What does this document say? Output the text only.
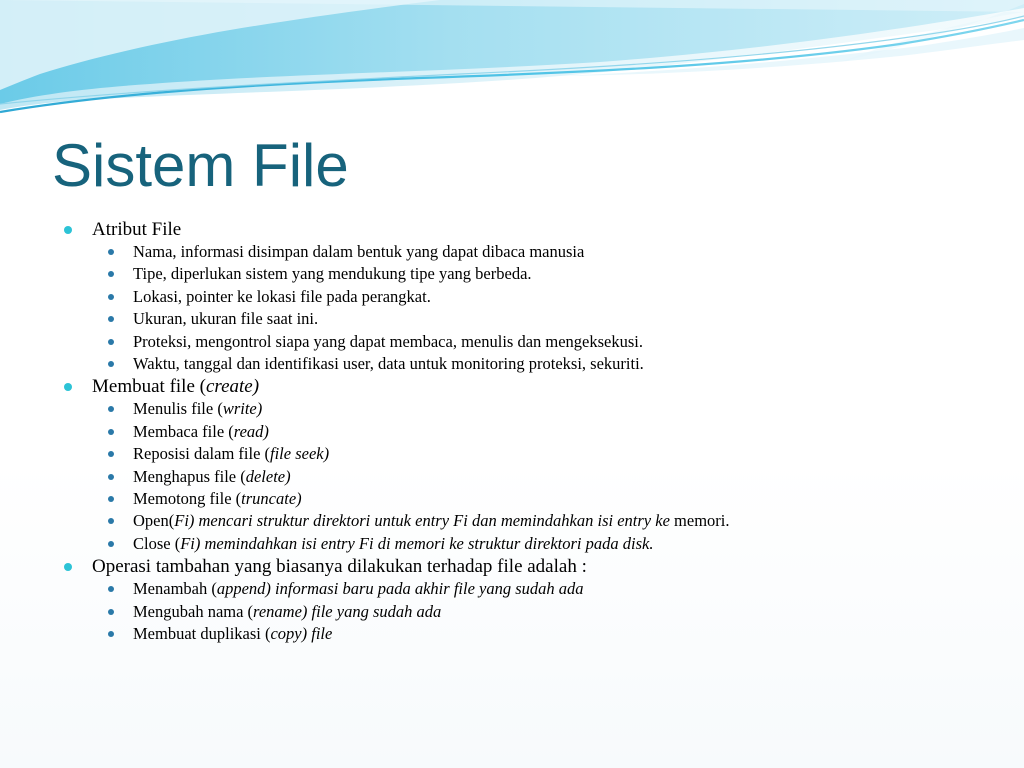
Sistem File
Atribut File
Nama, informasi disimpan dalam bentuk yang dapat dibaca manusia
Tipe, diperlukan sistem yang mendukung tipe yang berbeda.
Lokasi, pointer ke lokasi file pada perangkat.
Ukuran, ukuran file saat ini.
Proteksi, mengontrol siapa yang dapat membaca, menulis dan mengeksekusi.
Waktu, tanggal dan identifikasi user, data untuk monitoring proteksi, sekuriti.
Membuat file (create)
Menulis file (write)
Membaca file (read)
Reposisi dalam file (file seek)
Menghapus file (delete)
Memotong file (truncate)
Open(Fi) mencari struktur direktori untuk entry Fi dan memindahkan isi entry ke memori.
Close (Fi) memindahkan isi entry Fi di memori ke struktur direktori pada disk.
Operasi tambahan yang biasanya dilakukan terhadap file adalah :
Menambah (append) informasi baru pada akhir file yang sudah ada
Mengubah nama (rename) file yang sudah ada
Membuat duplikasi (copy) file
